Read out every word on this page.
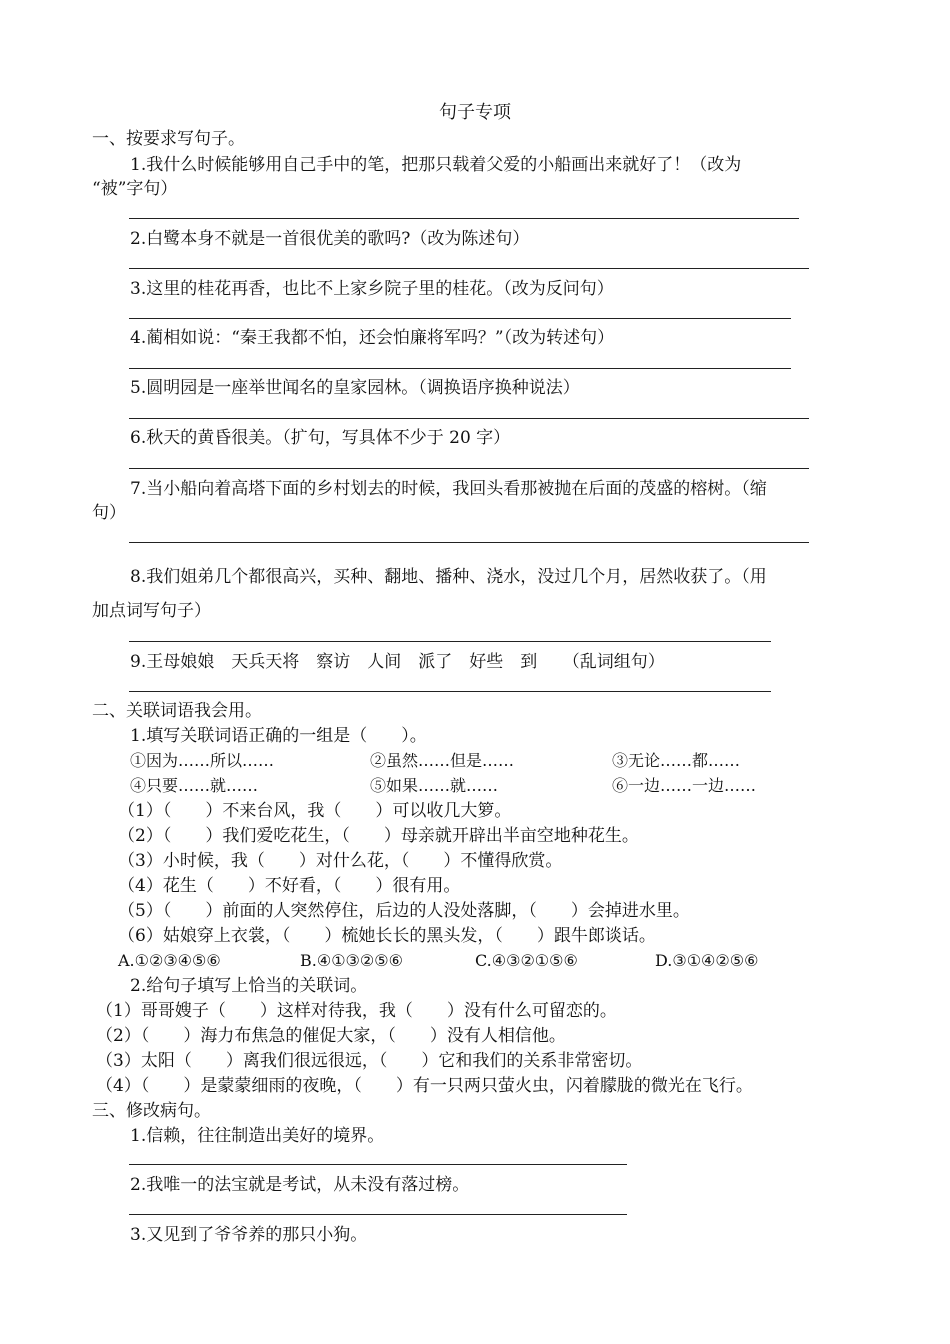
句子专项
一、按要求写句子。
1.我什么时候能够用自己手中的笔，把那只载着父爱的小船画出来就好了！（改为
“被”字句）
2.白鹭本身不就是一首很优美的歌吗?（改为陈述句）
3.这里的桂花再香，也比不上家乡院子里的桂花。（改为反问句）
4.蔺相如说：“秦王我都不怕，还会怕廉将军吗？”（改为转述句）
5.圆明园是一座举世闻名的皇家园林。（调换语序换种说法）
6.秋天的黄昏很美。（扩句，写具体不少于 20 字）
7.当小船向着高塔下面的乡村划去的时候，我回头看那被抛在后面的茂盛的榕树。（缩
句）
8.我们姐弟几个都很高兴，买种、翻地、播种、浇水，没过几个月，居然收获了。（用
加点词写句子）
9.王母娘娘　天兵天将　察访　人间　派了　好些　到　　（乱词组句）
二、关联词语我会用。
1.填写关联词语正确的一组是（　　）。
①因为……所以……	②虽然……但是……	③无论……都……
④只要……就……	⑤如果……就……	⑥一边……一边……
（1）（　　）不来台风，我（　　）可以收几大箩。
（2）（　　）我们爱吃花生，（　　）母亲就开辟出半亩空地种花生。
（3）小时候，我（　　）对什么花，（　　）不懂得欣赏。
（4）花生（　　）不好看，（　　）很有用。
（5）（　　）前面的人突然停住，后边的人没处落脚，（　　）会掉进水里。
（6）姑娘穿上衣裳，（　　）梳她长长的黑头发，（　　）跟牛郎谈话。
A.①②③④⑤⑥	B.④①③②⑤⑥	C.④③②①⑤⑥	D.③①④②⑤⑥
2.给句子填写上恰当的关联词。
（1）哥哥嫂子（　　）这样对待我，我（　　）没有什么可留恋的。
（2）（　　）海力布焦急的催促大家，（　　）没有人相信他。
（3）太阳（　　）离我们很远很远，（　　）它和我们的关系非常密切。
（4）（　　）是蒙蒙细雨的夜晚，（　　）有一只两只萤火虫，闪着朦胧的微光在飞行。
三、修改病句。
1.信赖，往往制造出美好的境界。
2.我唯一的法宝就是考试，从未没有落过榜。
3.又见到了爷爷养的那只小狗。
